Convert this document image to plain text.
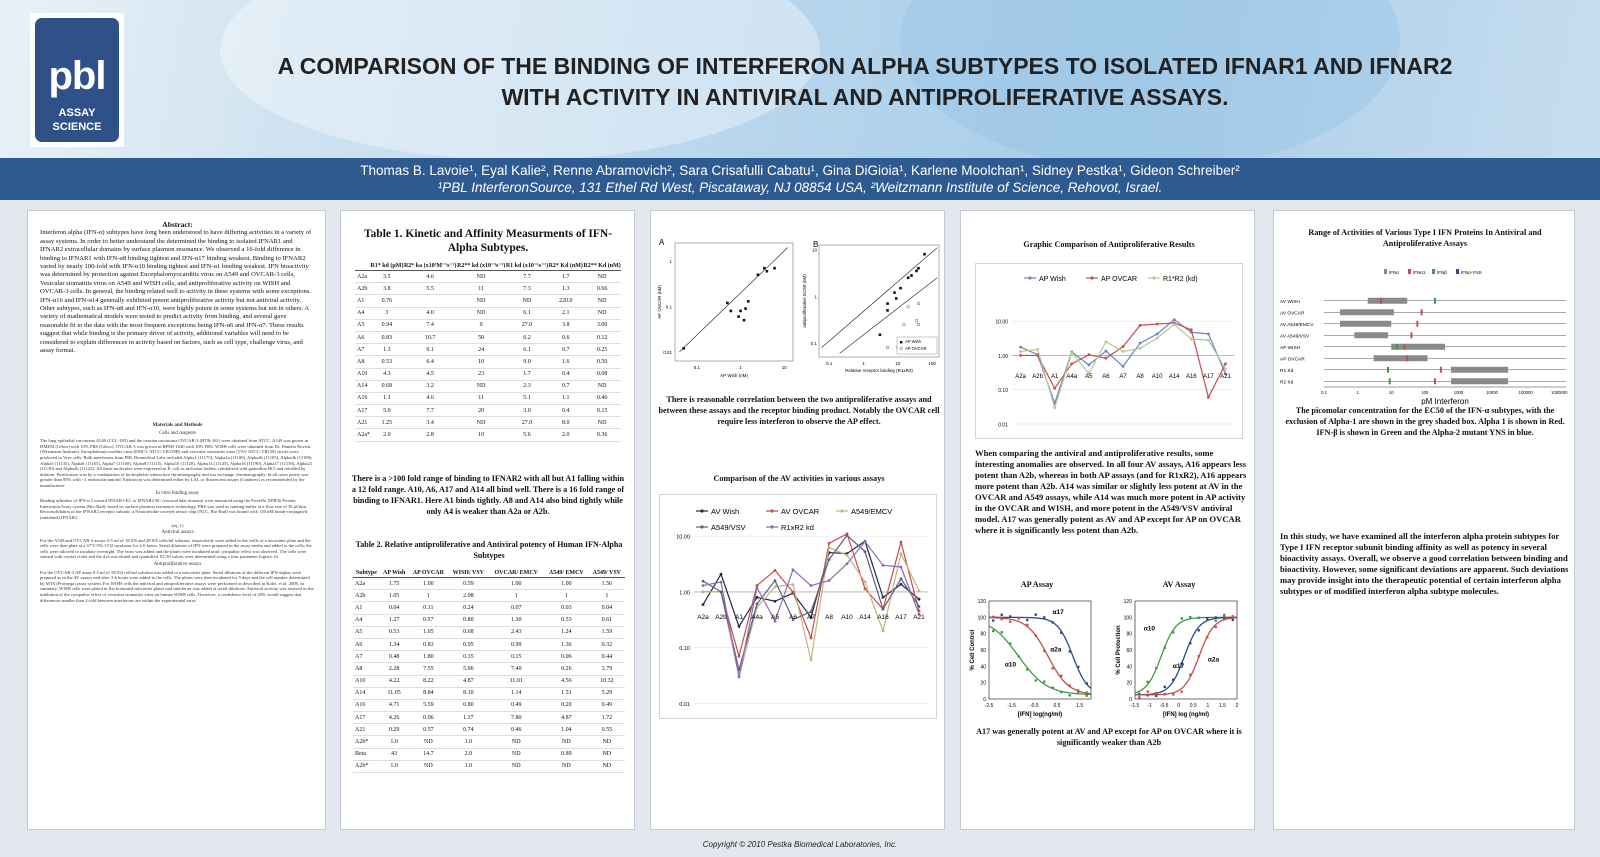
pbl
ASSAY
SCIENCE
A COMPARISON OF THE BINDING OF INTERFERON ALPHA SUBTYPES TO ISOLATED IFNAR1 AND IFNAR2
WITH ACTIVITY IN ANTIVIRAL AND ANTIPROLIFERATIVE ASSAYS.
Thomas B. Lavoie¹, Eyal Kalie², Renne Abramovich², Sara Crisafulli Cabatu¹, Gina DiGioia¹, Karlene Moolchan¹, Sidney Pestka¹, Gideon Schreiber²
¹PBL InterferonSource, 131 Ethel Rd West, Piscataway, NJ 08854 USA, ²Weitzmann Institute of Science, Rehovot, Israel.
Abstract:
Interferon alpha (IFN-α) subtypes have long been understood to have differing activities in a variety of assay systems. In order to better understand the determined the binding to isolated IFNAR1 and IFNAR2 extracellular domains by surface plasmon resonance. We observed a 16-fold difference in binding to IFNAR1 with IFN-α8 binding tightest and IFN-α17 binding weakest. Binding to IFNAR2 varied by nearly 100-fold with IFN-α10 binding tightest and IFN-α1 binding weakest. IFN bioactivity was determined by protection against Encephalomyocarditis virus on A549 and OVCAR-3 cells, Vesicular stomatitis virus on A549 and WISH cells, and antiproliferative activity on WISH and OVCAR-3 cells. In general, the binding related well to activity in these systems with some exceptions. IFN-α16 and IFN-α14 generally exhibited potent antiproliferative activity but not antiviral activity. Other subtypes, such as IFN-α8 and IFN-α10, were highly potent in some systems but not in others. A variety of mathematical models were tested to predict activity from binding, and several gave reasonable fit to the data with the most frequent exceptions being IFN-α6 and IFN-α7. These results suggest that while binding is the primary driver of activity, additional variables will need to be considered to explain differences in activity based on factors, such as cell type, challenge virus, and assay format.
Materials and Methods
Cells and reagents

The lung epithelial carcinoma A549 (CCL-185) and the ovarian carcinoma OVCAR-3 (HTB-161) were obtained from ATCC. A549 was grown in DMEM (Gibco) with 10% FBS (Gibco). OVCAR-3 was grown in RPMI-1640 with 10% FBS. WISH cells were obtained from Dr. Daniela Novick, (Weizmann Institute). Encephalomyocarditis virus (EMCV ATCC-VR129B) and vesicular stomatitis virus (VSV ATCC-VR158) stocks were produced in Vero cells. Bulk interferons from PBL Biomedical Labs included Alpha1 (11175), Alpha2a (11100), Alpha2b (11105), Alpha4b (11180), Alpha5 (11135), Alpha6 (11165), Alpha7 (11160), Alpha8 (11115), Alpha10 (11120), Alpha14 (11145), Alpha16 (11190), Alpha17 (11150), Alpha21 (11130) and Alpha2b (11125). All these molecules were expressed in E. coli as inclusion bodies, solubilized with guanidine HCl and refolded by dilution. Purification was by a combination of hydrophobic interaction chromatography and ion exchange chromatography. In all cases purity was greater than 95% with <1 endotoxin unit/ml. Endotoxin was determined either by LAL or fluorescent assays (Cambrex) as recommended by the manufacturer.

In vitro binding assay

Binding affinities of IFN-α 2 toward IFNAR1-EC or IFNAR2-EC (extracellular domain) were measured using the ProteOn XPR36 Protein Interaction Array system (Bio-Rad), based on surface plasmon resonance technology. PBS was used as running buffer at a flow rate of 30 μl/min. Reconsolidation of the IFNAR2 receptor subunit, a Neutralvidin-covered sensor chip (NLC, Bio-Rad) was bound with 150 nM biotin-conjugated (amidated) IFNAR2.

(eq. 1)

Antiviral assays

For the A549 and OVCAR-3 assays 0.5 ml of 1E105 and 2E105 cells/ml solution, respectively were added to the wells of a microtiter plate and the cells were then plate at a 37°C/5% CO2 incubator for 2-6 hours. Serial dilutions of IFN were prepared in the assay media and added to the cells; the cells were allowed to incubate overnight. The virus was added and the plates were incubated until cytopathic effect was observed. The cells were stained with crystal violet and the dye was eluted and quantified. EC50 values were determined using a four parameter logistic fit.

Antiproliferative assays

For the OVCAR-3 AP assay 0.5 ml of 1E104 cell/ml solution was added to a microtiter plate. Serial dilutions of the different IFN-alphas were prepared as in the AV assays and after 3-6 hours were added to the cells. The plates were then incubated for 5 days and the cell number determined by MTS (Promega) assay system. For WISH cells the antiviral and antiproliferative assays were performed as described in Kalie, et al. 2008. In summary, WISH cells were plated in flat bottomed microtiter plates and interferon was added at serial dilutions. Antiviral activity was assayed as the inhibition of the cytopathic effect of vesicular stomatitis virus on human WISH cells. Therefore, a confidence level of 20% would suggest that differences smaller than 2-fold between interferons are within the experimental error.

Table 1. Kinetic and Affinity Measurments of IFN-Alpha Subtypes.
	R1* kd (μM)	R2* ka (x10⁵M⁻¹s⁻¹)	R2** kd (x10⁻³s⁻¹)	R1 kd (x10⁻¹s⁻¹)	R2* Kd (nM)	R2** Kd (nM)
A2a	3.5	4.6	ND	7.7	1.7	ND
A2b	3.8	5.5	11	7.3	1.3	0.66
A1	0.76		ND	ND	220.0	ND
A4	3	4.0	ND	6.1	2.1	ND
A5	0.94	7.4	9	27.0	3.8	3.00
A6	0.83	10.7	50	6.2	0.6	0.12
A7	1.3	9.1	24	6.1	0.7	0.25
A8	0.53	6.4	10	9.0	1.6	0.50
A10	4.3	4.5	23	1.7	0.4	0.08
A14	0.68	3.2	ND	2.3	0.7	ND
A16	1.1	4.6	11	5.1	1.1	0.46
A17	5.0	7.7	20	3.0	0.4	0.15
A21	1.25	3.4	ND	27.0	8.0	ND
A2a*	2.0	2.8	10	5.6	2.0	0.36
There is a >100 fold range of binding to IFNAR2 with all but A1 falling within a 12 fold range. A10, A6, A17 and A14 all bind well. There is a 16 fold range of binding to IFNAR1. Here A1 binds tightly. A8 and A14 also bind tightly while only A4 is weaker than A2a or A2b.
Table 2. Relative antiproliferative and Antiviral potency of Human IFN-Alpha Subtypes
Subtype	AP Wish	AP OVCAR	WISH/ VSV	OVCAR/ EMCV	A549/ EMCV	A549/ VSV
A2a	1.75	1.00	0.59	1.00	1.00	1.56
A2b	1.05	1	2.08	1	1	1
A1	0.04	0.11	0.24	0.07	0.03	0.04
A4	1.27	0.57	0.80	1.30	0.53	0.61
A5	0.53	1.05	0.68	2.43	1.24	1.59
A6	1.34	0.83	0.95	0.99	1.36	0.32
A7	0.48	1.80	0.35	0.15	0.06	0.44
A8	2.28	7.55	5.06	7.40	6.26	3.79
A10	4.22	8.22	4.87	11.01	4.56	10.32
A14	11.05	8.84	8.10	1.14	1.51	5.29
A16	4.71	5.59	0.80	0.49	0.20	0.49
A17	4.26	0.06	1.37	7.80	4.87	1.72
A21	0.29	0.57	0.74	0.46	1.04	0.55
A2b*	1.0	ND	1.0	ND	ND	ND
Beta	43	14.7	2.0	ND	0.89	ND
A2b*	1.0	ND	1.0	ND	ND	ND
A
0.1	1	10
0.01
0.1
1
AP Wish (nM)
AP OVCAR (nM)
B
0.1	1	10	100
0.1
1
10
Relative receptor binding (R1xR2)
antiproliferative EC50 (nM)
AP Wish
AP OVCAR
There is reasonable correlation between the two antiproliferative assays and between these assays and the receptor binding product. Notably the OVCAR cell require less interferon to observe the AP effect.
Comparison of the AV activities in various assays
0.01
0.10
1.00
10.00
AV Wish	AV OVCAR	A549/EMCV
A549/VSV	R1xR2 kd
A2a A2b A1 A4a A5 A6 A7 A8 A10 A14 A16 A17 A21
Graphic Comparison of Antiproliferative Results
0.01
0.10
1.00
10.00
AP Wish	AP OVCAR	R1*R2 (kd)
A2a A2b A1 A4a A5 A6 A7 A8 A10 A14 A16 A17 A21
When comparing the antiviral and antiproliferative results, some interesting anomalies are observed. In all four AV assays, A16 appears less potent than A2b, whereas in both AP assays (and for R1xR2), A16 appears more potent than A2b. A14 was similar or slightly less potent at AV in the OVCAR and A549 assays, while A14 was much more potent in AP activity in the OVCAR and WISH, and more potent in the A549/VSV antiviral model. A17 was generally potent as AV and AP except for AP on OVCAR where it is significantly less potent than A2b.
AP Assay	AV Assay
0
20
40
60
80
100
120
-2.5	-1.5	-0.5	0.5	1.5
[IFN] log(ng/ml)
% Cell Control
α17
α2a
α10
0
20
40
60
80
100
120
-1.5 -1 -0.5 0 0.5 1 1.5 2
[IFN] log (ng/ml)
% Cell Protection	α10
α17
α2a
A17 was generally potent at AV and AP except for AP on OVCAR where it is significantly weaker than A2b
Range of Activities of Various Type I IFN Proteins In Antiviral and Antiproliferative Assays
IFNα	IFNα1	IFNβ	IFNα-YNS
AV WISH
AV OVCAR
AV A549/EMCV
AV A549/VSV
AP WISH
AP OVCAR
R1 Kd
R2 Kd
0.1	1	10	100	1000	10000	100000	1000000
pM Interferon
The picomolar concentration for the EC50 of the IFN-α subtypes, with the exclusion of Alpha-1 are shown in the grey shaded box. Alpha 1 is shown in Red. IFN-β is shown in Green and the Alpha-2 mutant YNS in blue.
In this study, we have examined all the interferon alpha protein subtypes for Type I IFN receptor subunit binding affinity as well as potency in several bioactivity assays. Overall, we observe a good correlation between binding and bioactivity. However, some significant deviations are apparent. Such deviations may provide insight into the therapeutic potential of certain interferon alpha subtypes or of modified interferon alpha subtype molecules.
Copyright © 2010 Pestka Biomedical Laboratories, Inc.
